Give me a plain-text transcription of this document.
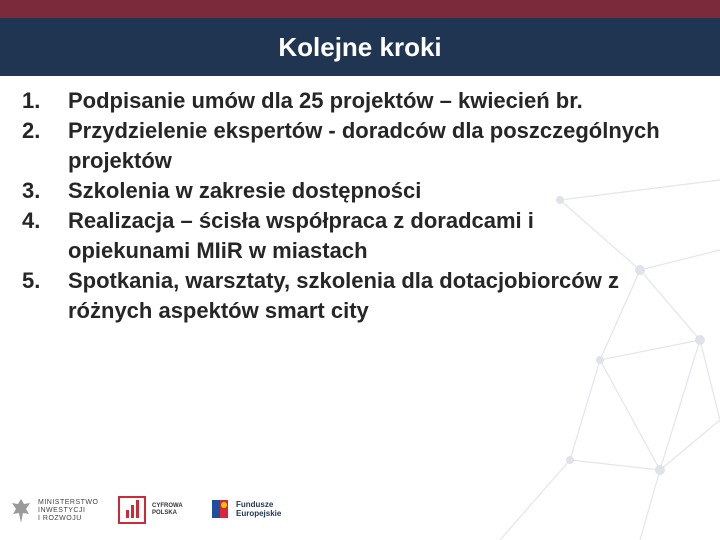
Kolejne kroki
1.	Podpisanie umów dla 25 projektów – kwiecień br.
2.	Przydzielenie ekspertów - doradców dla poszczególnych projektów
3.	Szkolenia w zakresie dostępności
4.	Realizacja – ścisła współpraca z doradcami i opiekunami MIiR w miastach
5.	Spotkania, warsztaty, szkolenia dla dotacjobiorców z różnych aspektów smart city
MINISTERSTWO
INWESTYCJI
I ROZWOJU
CYFROWA
POLSKA
Fundusze
Europejskie
